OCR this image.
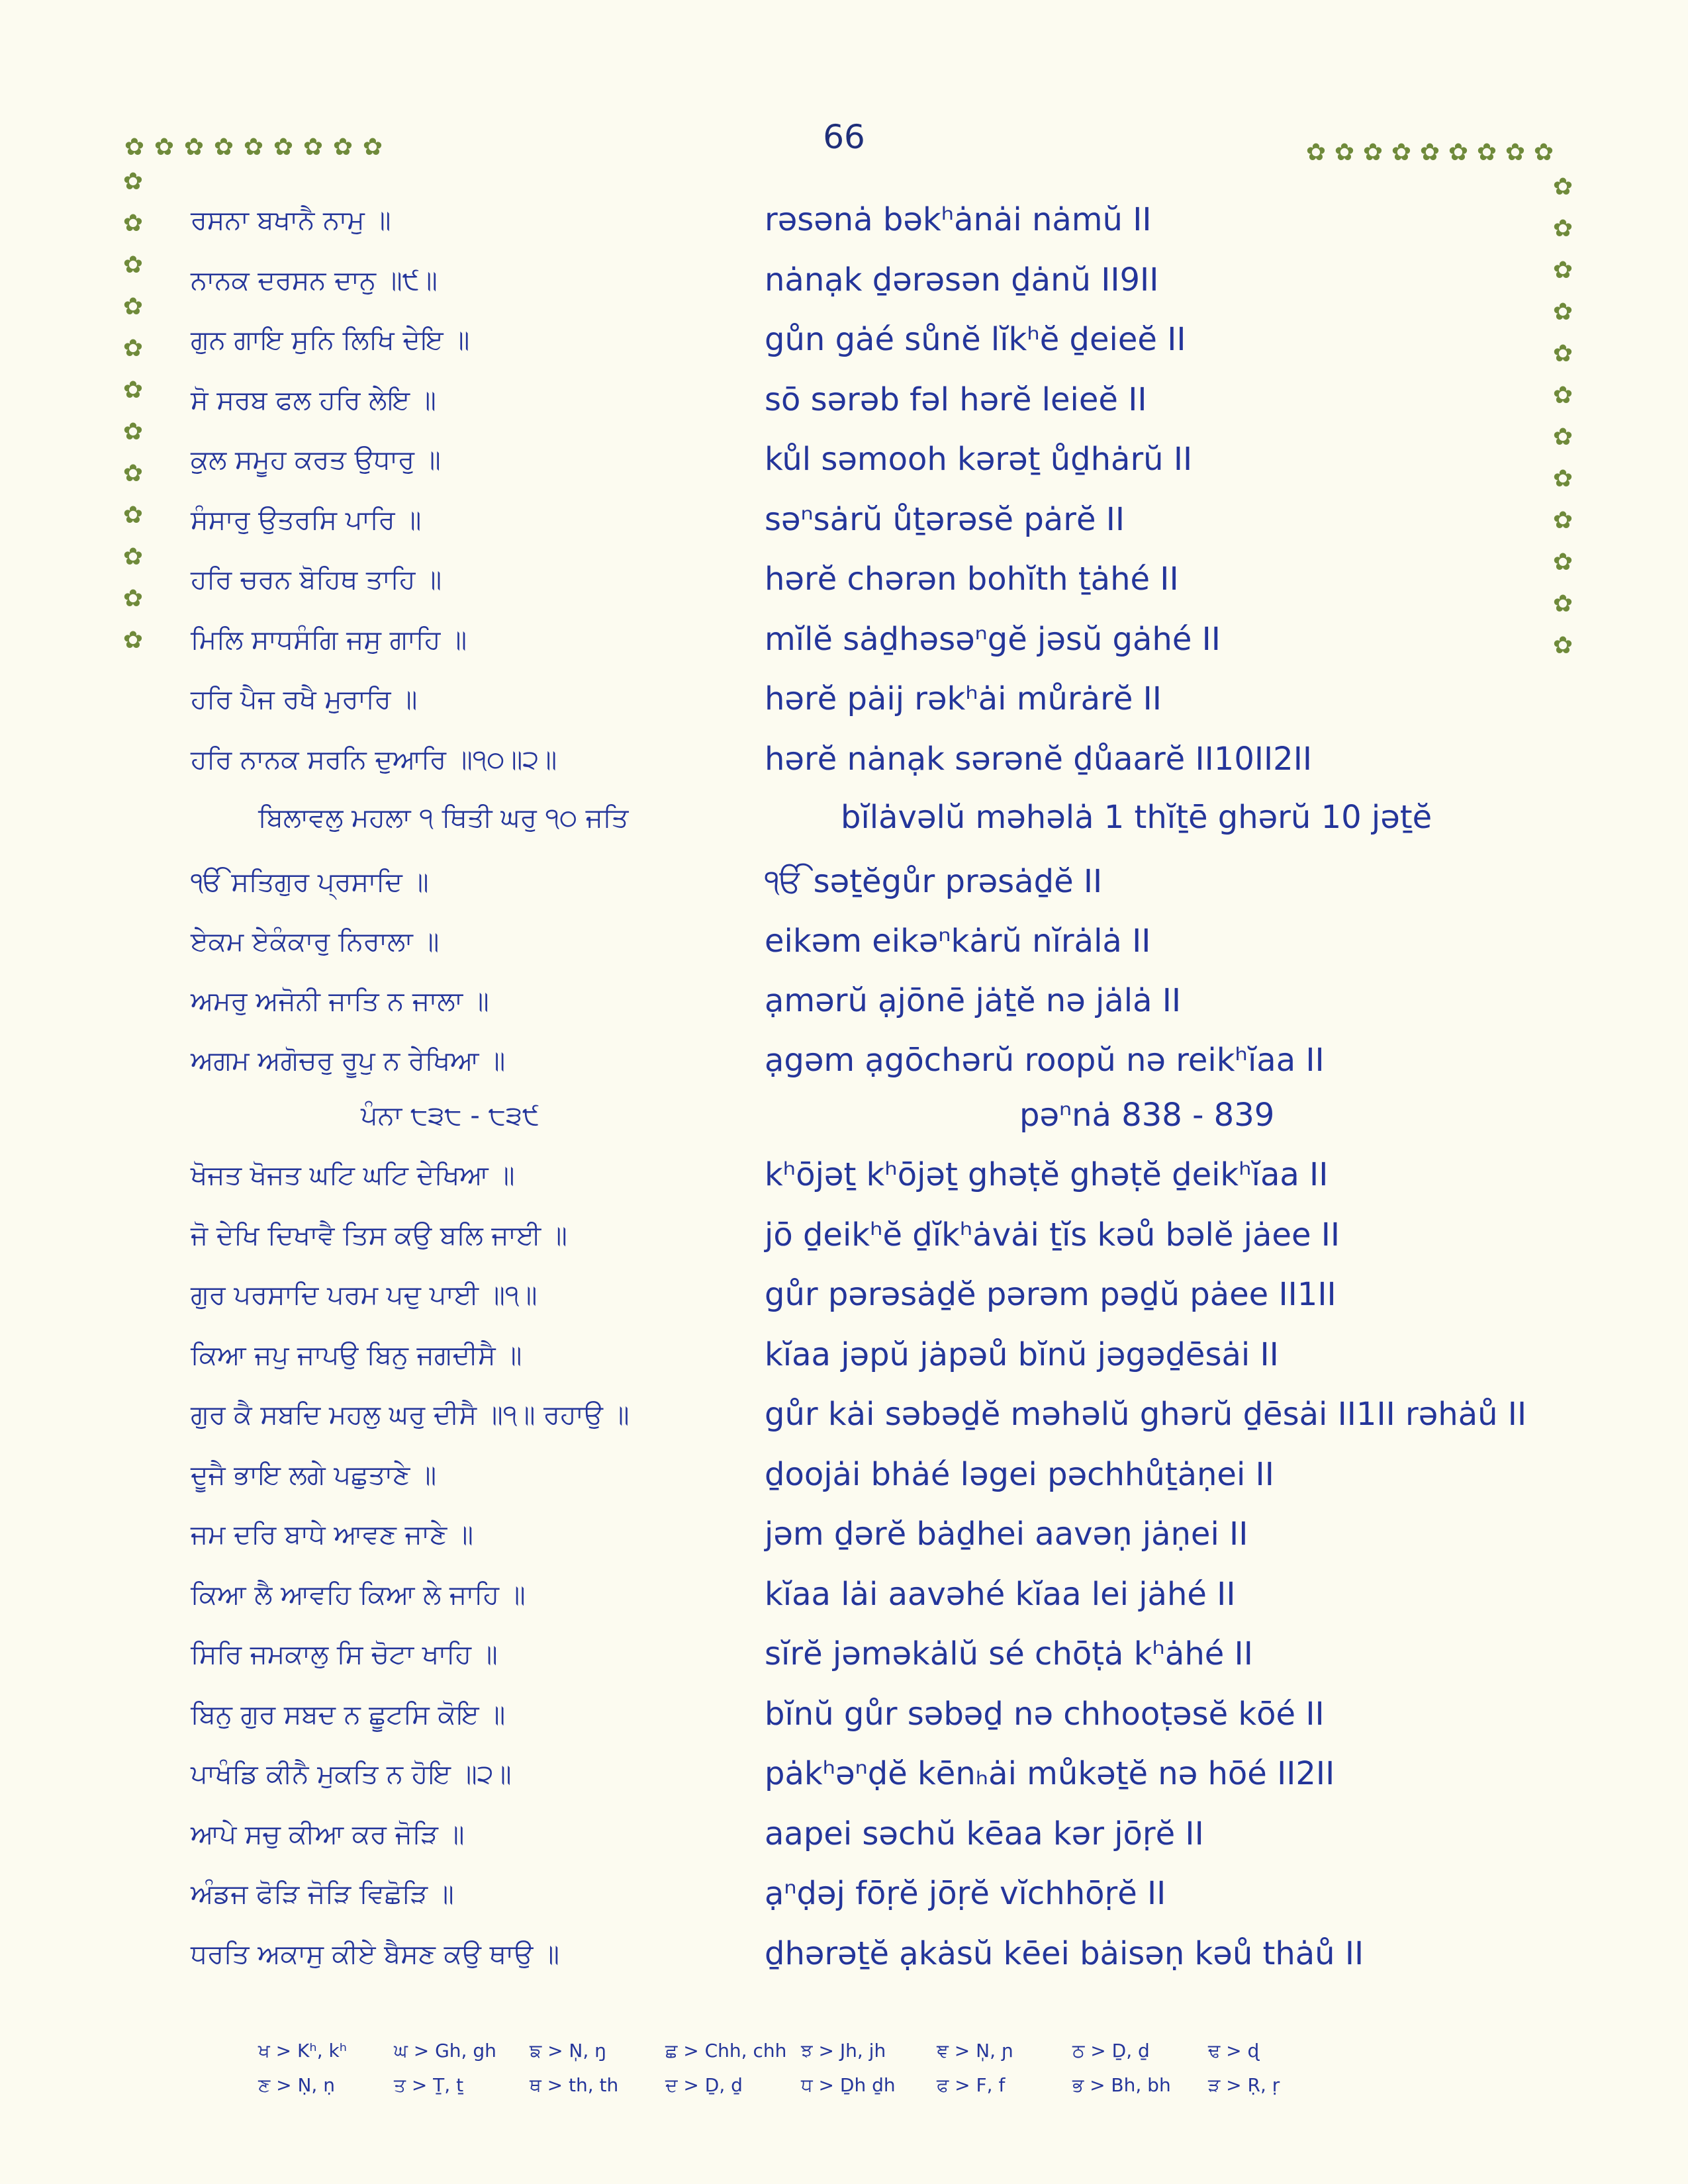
66
✿ ✿ ✿ ✿ ✿ ✿ ✿ ✿ ✿	✿ ✿ ✿ ✿ ✿ ✿ ✿ ✿ ✿
✿
✿
✿
✿
✿
✿
✿
✿
✿
✿
✿
✿
✿
✿
✿
✿
✿
✿
✿
✿
✿
✿
✿
✿
ਰਸਨਾ ਬਖਾਨੈ ਨਾਮੁ ॥	rəsənȧ bəkʰȧnȧi nȧmŭ II
ਨਾਨਕ ਦਰਸਨ ਦਾਨੁ ॥੯॥	nȧnạk ḏərəsən ḏȧnŭ II9II
ਗੁਨ ਗਾਇ ਸੁਨਿ ਲਿਖਿ ਦੇਇ ॥	gůn gȧé sůnĕ lĭkʰĕ ḏeieĕ II
ਸੋ ਸਰਬ ਫਲ ਹਰਿ ਲੇਇ ॥	sō sərəb fəl hərĕ leieĕ II
ਕੁਲ ਸਮੂਹ ਕਰਤ ਉਧਾਰੁ ॥	kůl səmooh kərəṯ ůḏhȧrŭ II
ਸੰਸਾਰੁ ਉਤਰਸਿ ਪਾਰਿ ॥	səⁿsȧrŭ ůṯərəsĕ pȧrĕ II
ਹਰਿ ਚਰਨ ਬੋਹਿਥ ਤਾਹਿ ॥	hərĕ chərən bohĭth ṯȧhé II
ਮਿਲਿ ਸਾਧਸੰਗਿ ਜਸੁ ਗਾਹਿ ॥	mĭlĕ sȧḏhəsəⁿgĕ jəsŭ gȧhé II
ਹਰਿ ਪੈਜ ਰਖੈ ਮੁਰਾਰਿ ॥	hərĕ pȧij rəkʰȧi můrȧrĕ II
ਹਰਿ ਨਾਨਕ ਸਰਨਿ ਦੁਆਰਿ ॥੧੦॥੨॥	hərĕ nȧnạk sərənĕ ḏůaarĕ II10II2II
ਬਿਲਾਵਲੁ ਮਹਲਾ ੧ ਥਿਤੀ ਘਰੁ ੧੦ ਜਤਿ	bĭlȧvəlŭ məhəlȧ 1 thĭṯē ghərŭ 10 jəṯĕ
ੴ ਸਤਿਗੁਰ ਪ੍ਰਸਾਦਿ ॥	ੴ səṯĕgůr prəsȧḏĕ II
ਏਕਮ ਏਕੰਕਾਰੁ ਨਿਰਾਲਾ ॥	eikəm eikəⁿkȧrŭ nĭrȧlȧ II
ਅਮਰੁ ਅਜੋਨੀ ਜਾਤਿ ਨ ਜਾਲਾ ॥	ạmərŭ ạjōnē jȧṯĕ nə jȧlȧ II
ਅਗਮ ਅਗੋਚਰੁ ਰੂਪੁ ਨ ਰੇਖਿਆ ॥	ạgəm ạgōchərŭ roopŭ nə reikʰĭaa II
ਪੰਨਾ ੮੩੮ - ੮੩੯	pəⁿnȧ 838 - 839
ਖੋਜਤ ਖੋਜਤ ਘਟਿ ਘਟਿ ਦੇਖਿਆ ॥	kʰōjəṯ kʰōjəṯ ghəṭĕ ghəṭĕ ḏeikʰĭaa II
ਜੋ ਦੇਖਿ ਦਿਖਾਵੈ ਤਿਸ ਕਉ ਬਲਿ ਜਾਈ ॥	jō ḏeikʰĕ ḏĭkʰȧvȧi ṯĭs kəů bəlĕ jȧee II
ਗੁਰ ਪਰਸਾਦਿ ਪਰਮ ਪਦੁ ਪਾਈ ॥੧॥	gůr pərəsȧḏĕ pərəm pəḏŭ pȧee II1II
ਕਿਆ ਜਪੁ ਜਾਪਉ ਬਿਨੁ ਜਗਦੀਸੈ ॥	kĭaa jəpŭ jȧpəů bĭnŭ jəgəḏēsȧi II
ਗੁਰ ਕੈ ਸਬਦਿ ਮਹਲੁ ਘਰੁ ਦੀਸੈ ॥੧॥ ਰਹਾਉ ॥	gůr kȧi səbəḏĕ məhəlŭ ghərŭ ḏēsȧi II1II rəhȧů II
ਦੂਜੈ ਭਾਇ ਲਗੇ ਪਛੁਤਾਣੇ ॥	ḏoojȧi bhȧé ləgei pəchhůṯȧṇei II
ਜਮ ਦਰਿ ਬਾਧੇ ਆਵਣ ਜਾਣੇ ॥	jəm ḏərĕ bȧḏhei aavəṇ jȧṇei II
ਕਿਆ ਲੈ ਆਵਹਿ ਕਿਆ ਲੇ ਜਾਹਿ ॥	kĭaa lȧi aavəhé kĭaa lei jȧhé II
ਸਿਰਿ ਜਮਕਾਲੁ ਸਿ ਚੋਟਾ ਖਾਹਿ ॥	sĭrĕ jəməkȧlŭ sé chōṭȧ kʰȧhé II
ਬਿਨੁ ਗੁਰ ਸਬਦ ਨ ਛੂਟਸਿ ਕੋਇ ॥	bĭnŭ gůr səbəḏ nə chhooṭəsĕ kōé II
ਪਾਖੰਡਿ ਕੀਨੈ ਮੁਕਤਿ ਨ ਹੋਇ ॥੨॥	pȧkʰəⁿḍĕ kēnₕȧi můkəṯĕ nə hōé II2II
ਆਪੇ ਸਚੁ ਕੀਆ ਕਰ ਜੋੜਿ ॥	aapei səchŭ kēaa kər jōṛĕ II
ਅੰਡਜ ਫੋੜਿ ਜੋੜਿ ਵਿਛੋੜਿ ॥	ạⁿḍəj fōṛĕ jōṛĕ vĭchhōṛĕ II
ਧਰਤਿ ਅਕਾਸੁ ਕੀਏ ਬੈਸਣ ਕਉ ਥਾਉ ॥	ḏhərəṯĕ ạkȧsŭ kēei bȧisəṇ kəů thȧů II
ਖ > Kʰ, kʰ	ਘ > Gh, gh ਙ > N̩, ŋ	ਛ > Chh, chh ਝ > Jh, jh	ਞ > N̩, ɲ	ਠ > Ḏ, ḏ	ਢ > ɖ
ਣ > Ṇ, ṇ	ਤ > Ṯ, ṯ	ਥ > th, th	ਦ > Ḏ, ḏ	ਧ > Ḏh ḏh ਫ > F, f	ਭ > Bh, bh ੜ > Ṛ, ṛ
